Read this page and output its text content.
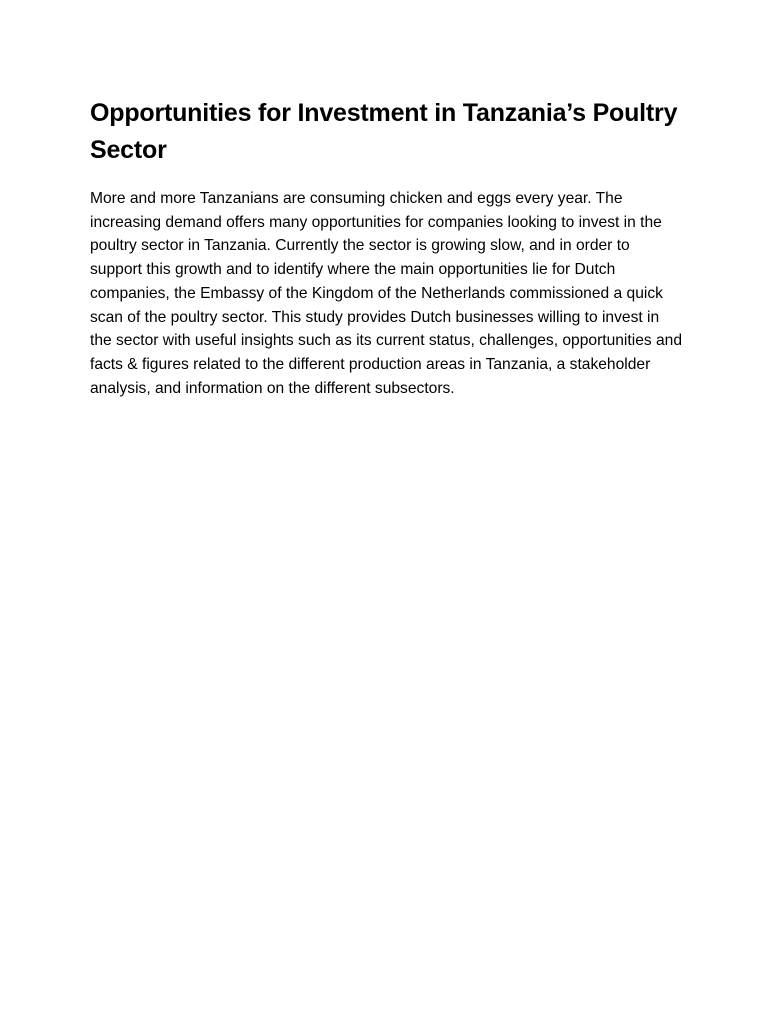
Opportunities for Investment in Tanzania’s Poultry Sector

More and more Tanzanians are consuming chicken and eggs every year. The increasing demand offers many opportunities for companies looking to invest in the poultry sector in Tanzania. Currently the sector is growing slow, and in order to support this growth and to identify where the main opportunities lie for Dutch companies, the Embassy of the Kingdom of the Netherlands commissioned a quick scan of the poultry sector. This study provides Dutch businesses willing to invest in the sector with useful insights such as its current status, challenges, opportunities and facts & figures related to the different production areas in Tanzania, a stakeholder analysis, and information on the different subsectors.
